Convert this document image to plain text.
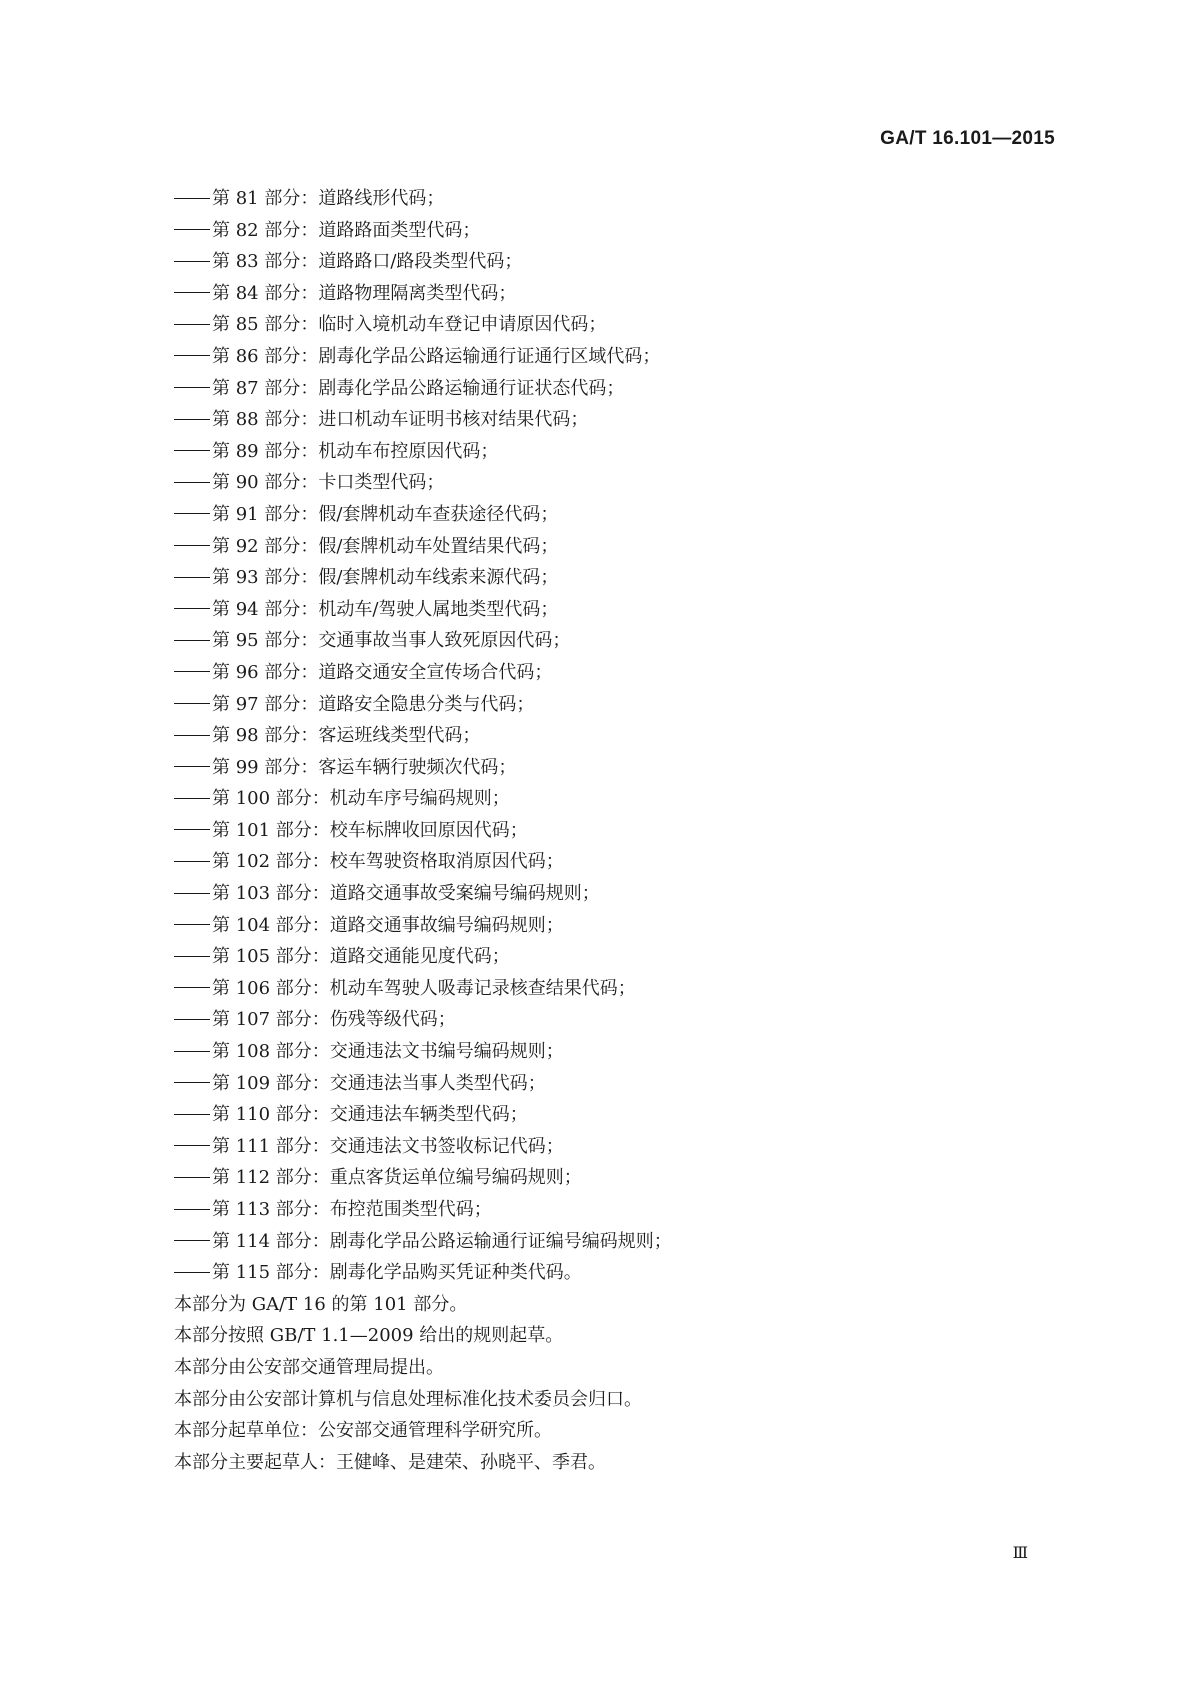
GA/T 16.101—2015
第 81 部分：道路线形代码；
第 82 部分：道路路面类型代码；
第 83 部分：道路路口/路段类型代码；
第 84 部分：道路物理隔离类型代码；
第 85 部分：临时入境机动车登记申请原因代码；
第 86 部分：剧毒化学品公路运输通行证通行区域代码；
第 87 部分：剧毒化学品公路运输通行证状态代码；
第 88 部分：进口机动车证明书核对结果代码；
第 89 部分：机动车布控原因代码；
第 90 部分：卡口类型代码；
第 91 部分：假/套牌机动车查获途径代码；
第 92 部分：假/套牌机动车处置结果代码；
第 93 部分：假/套牌机动车线索来源代码；
第 94 部分：机动车/驾驶人属地类型代码；
第 95 部分：交通事故当事人致死原因代码；
第 96 部分：道路交通安全宣传场合代码；
第 97 部分：道路安全隐患分类与代码；
第 98 部分：客运班线类型代码；
第 99 部分：客运车辆行驶频次代码；
第 100 部分：机动车序号编码规则；
第 101 部分：校车标牌收回原因代码；
第 102 部分：校车驾驶资格取消原因代码；
第 103 部分：道路交通事故受案编号编码规则；
第 104 部分：道路交通事故编号编码规则；
第 105 部分：道路交通能见度代码；
第 106 部分：机动车驾驶人吸毒记录核查结果代码；
第 107 部分：伤残等级代码；
第 108 部分：交通违法文书编号编码规则；
第 109 部分：交通违法当事人类型代码；
第 110 部分：交通违法车辆类型代码；
第 111 部分：交通违法文书签收标记代码；
第 112 部分：重点客货运单位编号编码规则；
第 113 部分：布控范围类型代码；
第 114 部分：剧毒化学品公路运输通行证编号编码规则；
第 115 部分：剧毒化学品购买凭证种类代码。
本部分为 GA/T 16 的第 101 部分。
本部分按照 GB/T 1.1—2009 给出的规则起草。
本部分由公安部交通管理局提出。
本部分由公安部计算机与信息处理标准化技术委员会归口。
本部分起草单位：公安部交通管理科学研究所。
本部分主要起草人：王健峰、是建荣、孙晓平、季君。
Ⅲ
